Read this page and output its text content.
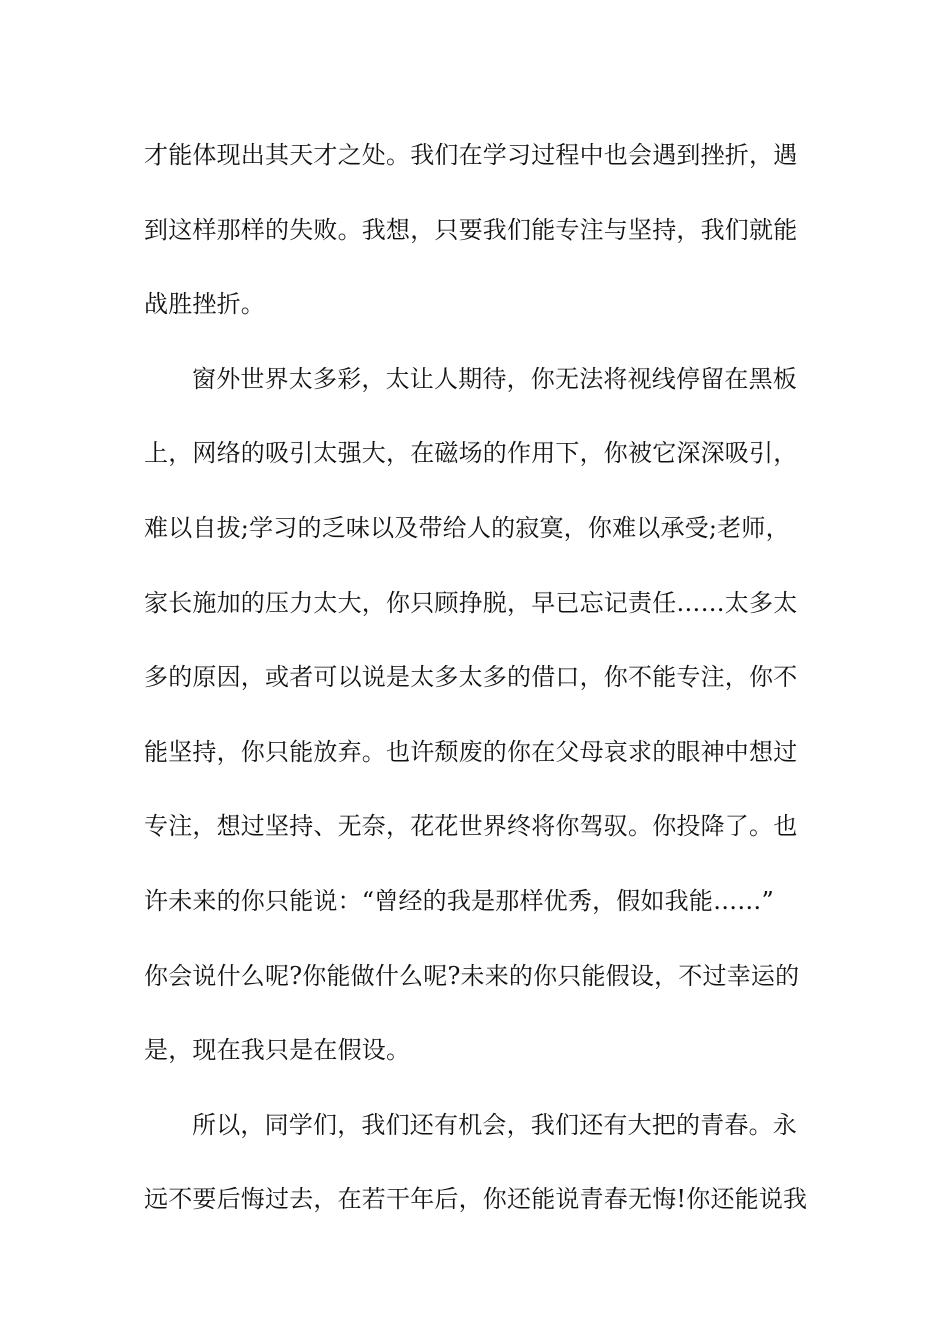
才能体现出其天才之处。我们在学习过程中也会遇到挫折，遇
到这样那样的失败。我想，只要我们能专注与坚持，我们就能
战胜挫折。
窗外世界太多彩，太让人期待，你无法将视线停留在黑板
上，网络的吸引太强大，在磁场的作用下，你被它深深吸引，
难以自拔;学习的乏味以及带给人的寂寞，你难以承受;老师，
家长施加的压力太大，你只顾挣脱，早已忘记责任……太多太
多的原因，或者可以说是太多太多的借口，你不能专注，你不
能坚持，你只能放弃。也许颓废的你在父母哀求的眼神中想过
专注，想过坚持、无奈，花花世界终将你驾驭。你投降了。也
许未来的你只能说：“曾经的我是那样优秀，假如我能……”
你会说什么呢?你能做什么呢?未来的你只能假设，不过幸运的
是，现在我只是在假设。
所以，同学们，我们还有机会，我们还有大把的青春。永
远不要后悔过去，在若干年后，你还能说青春无悔!你还能说我
